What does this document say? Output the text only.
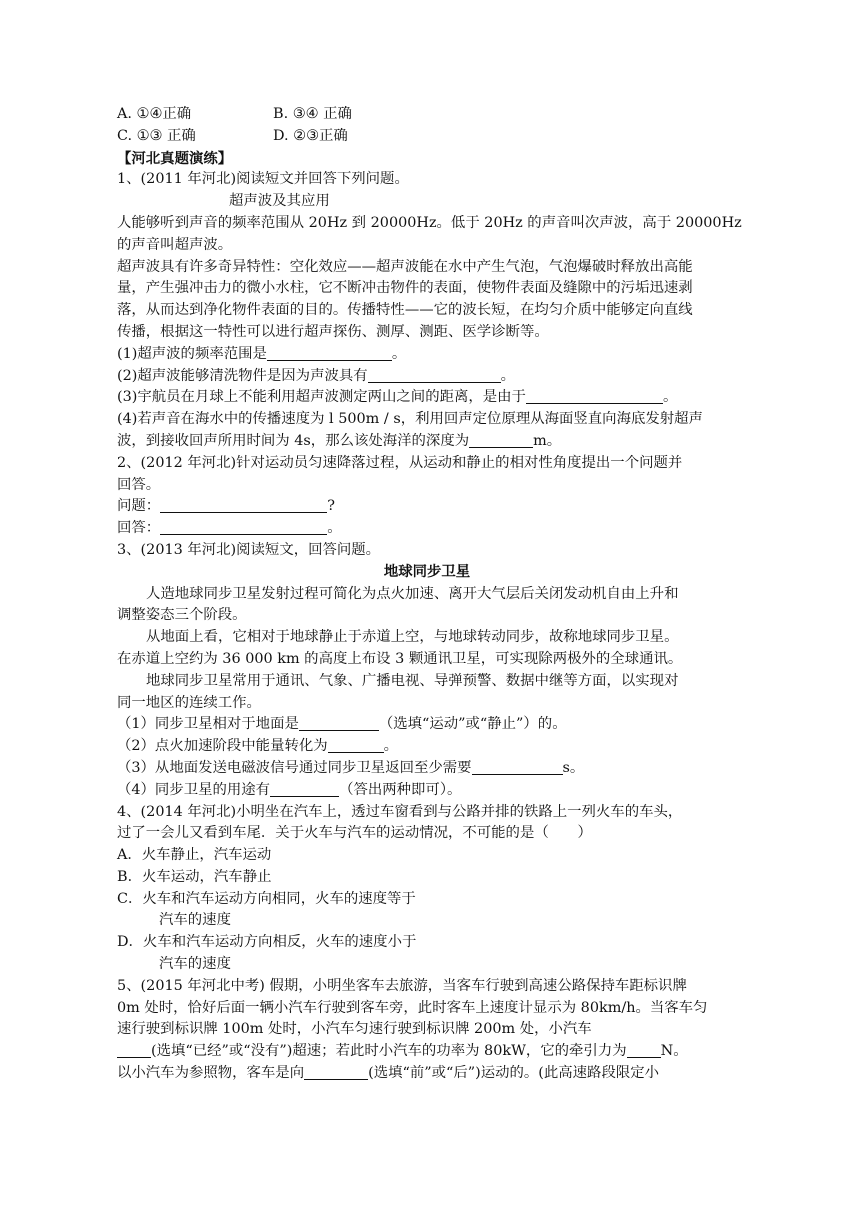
A. ①④正确	B. ③④ 正确
C. ①③ 正确	D. ②③正确
【河北真题演练】
1、(2011 年河北)阅读短文并回答下列问题。
超声波及其应用
人能够听到声音的频率范围从 20Hz 到 20000Hz。低于 20Hz 的声音叫次声波，高于 20000Hz
的声音叫超声波。
超声波具有许多奇异特性：空化效应——超声波能在水中产生气泡，气泡爆破时释放出高能
量，产生强冲击力的微小水柱，它不断冲击物件的表面，使物件表面及缝隙中的污垢迅速剥
落，从而达到净化物件表面的目的。传播特性——它的波长短，在均匀介质中能够定向直线
传播，根据这一特性可以进行超声探伤、测厚、测距、医学诊断等。
(1)超声波的频率范围是	。
(2)超声波能够清洗物件是因为声波具有	。
(3)宇航员在月球上不能利用超声波测定两山之间的距离，是由于	。
(4)若声音在海水中的传播速度为 l 500m / s，利用回声定位原理从海面竖直向海底发射超声
波，到接收回声所用时间为 4s，那么该处海洋的深度为	m。
2、(2012 年河北)针对运动员匀速降落过程，从运动和静止的相对性角度提出一个问题并
回答。
问题：	?
回答：	。
3、(2013 年河北)阅读短文，回答问题。
地球同步卫星
人造地球同步卫星发射过程可简化为点火加速、离开大气层后关闭发动机自由上升和
调整姿态三个阶段。
从地面上看，它相对于地球静止于赤道上空，与地球转动同步，故称地球同步卫星。
在赤道上空约为 36 000 km 的高度上布设 3 颗通讯卫星，可实现除两极外的全球通讯。
地球同步卫星常用于通讯、气象、广播电视、导弹预警、数据中继等方面，以实现对
同一地区的连续工作。
（1）同步卫星相对于地面是	（选填“运动”或“静止”）的。
（2）点火加速阶段中能量转化为	。
（3）从地面发送电磁波信号通过同步卫星返回至少需要	s。
（4）同步卫星的用途有	（答出两种即可）。
4、(2014 年河北)小明坐在汽车上，透过车窗看到与公路并排的铁路上一列火车的车头，
过了一会儿又看到车尾．关于火车与汽车的运动情况，不可能的是（　　）
A．火车静止，汽车运动
B．火车运动，汽车静止
C．火车和汽车运动方向相同，火车的速度等于
汽车的速度
D．火车和汽车运动方向相反，火车的速度小于
汽车的速度
5、(2015 年河北中考) 假期，小明坐客车去旅游，当客车行驶到高速公路保持车距标识牌
0m 处时，恰好后面一辆小汽车行驶到客车旁，此时客车上速度计显示为 80km/h。当客车匀
速行驶到标识牌 100m 处时，小汽车匀速行驶到标识牌 200m 处，小汽车
(选填“已经”或“没有”)超速；若此时小汽车的功率为 80kW，它的牵引力为 N。
以小汽车为参照物，客车是向	(选填“前”或“后”)运动的。(此高速路段限定小
